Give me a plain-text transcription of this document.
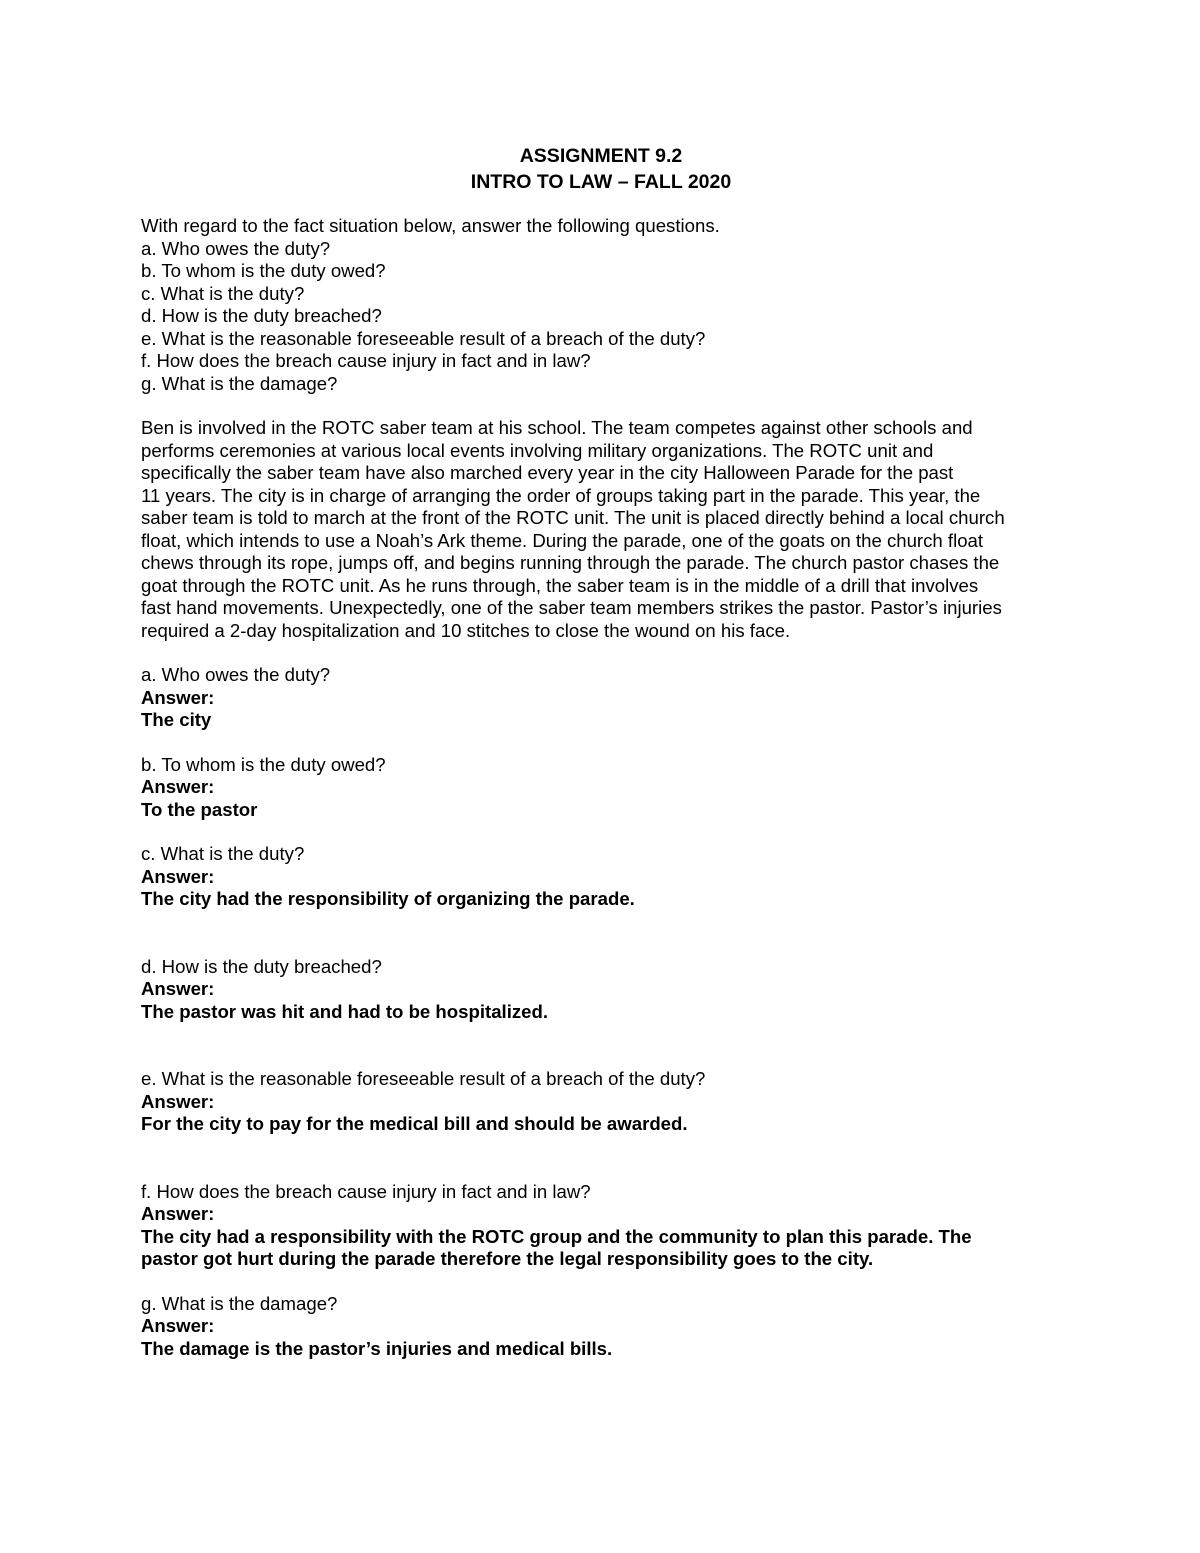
ASSIGNMENT 9.2

INTRO TO LAW – FALL 2020

With regard to the fact situation below, answer the following questions.

a. Who owes the duty?

b. To whom is the duty owed?

c. What is the duty?

d. How is the duty breached?

e. What is the reasonable foreseeable result of a breach of the duty?

f. How does the breach cause injury in fact and in law?

g. What is the damage?

Ben is involved in the ROTC saber team at his school. The team competes against other schools and

performs ceremonies at various local events involving military organizations. The ROTC unit and

specifically the saber team have also marched every year in the city Halloween Parade for the past

11 years. The city is in charge of arranging the order of groups taking part in the parade. This year, the

saber team is told to march at the front of the ROTC unit. The unit is placed directly behind a local church

float, which intends to use a Noah’s Ark theme. During the parade, one of the goats on the church float

chews through its rope, jumps off, and begins running through the parade. The church pastor chases the

goat through the ROTC unit. As he runs through, the saber team is in the middle of a drill that involves

fast hand movements. Unexpectedly, one of the saber team members strikes the pastor. Pastor’s injuries

required a 2-day hospitalization and 10 stitches to close the wound on his face.

a. Who owes the duty?

Answer:

The city

b. To whom is the duty owed?

Answer:

To the pastor

c. What is the duty?

Answer:

The city had the responsibility of organizing the parade.

d. How is the duty breached?

Answer:

The pastor was hit and had to be hospitalized.

e. What is the reasonable foreseeable result of a breach of the duty?

Answer:

For the city to pay for the medical bill and should be awarded.

f. How does the breach cause injury in fact and in law?

Answer:

The city had a responsibility with the ROTC group and the community to plan this parade. The

pastor got hurt during the parade therefore the legal responsibility goes to the city.

g. What is the damage?

Answer:

The damage is the pastor’s injuries and medical bills.
